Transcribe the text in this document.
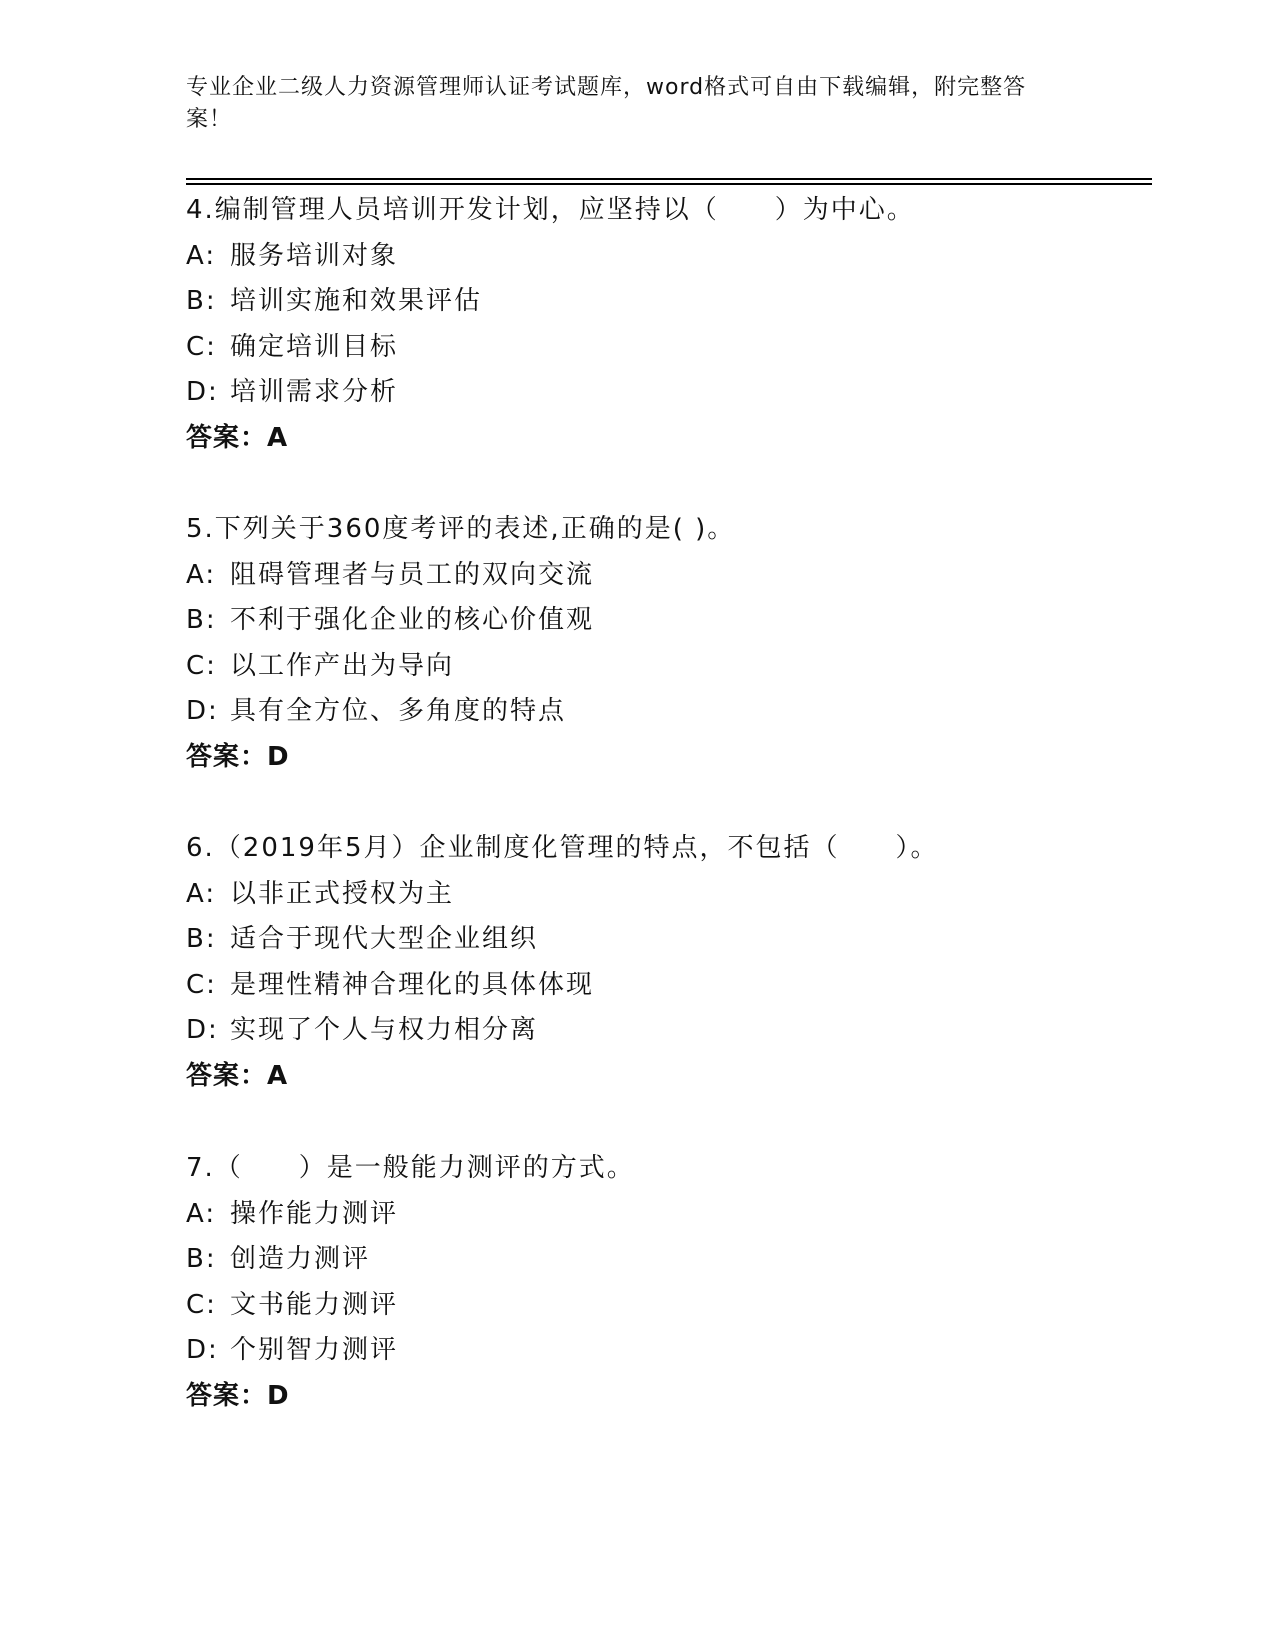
专业企业二级人力资源管理师认证考试题库，word格式可自由下载编辑，附完整答案！
4.编制管理人员培训开发计划，应坚持以（　　）为中心。
A: 服务培训对象
B: 培训实施和效果评估
C: 确定培训目标
D: 培训需求分析
答案：A
5.下列关于360度考评的表述,正确的是( )。
A: 阻碍管理者与员工的双向交流
B: 不利于强化企业的核心价值观
C: 以工作产出为导向
D: 具有全方位、多角度的特点
答案：D
6.（2019年5月）企业制度化管理的特点，不包括（　　）。
A: 以非正式授权为主
B: 适合于现代大型企业组织
C: 是理性精神合理化的具体体现
D: 实现了个人与权力相分离
答案：A
7.（　　）是一般能力测评的方式。
A: 操作能力测评
B: 创造力测评
C: 文书能力测评
D: 个别智力测评
答案：D
